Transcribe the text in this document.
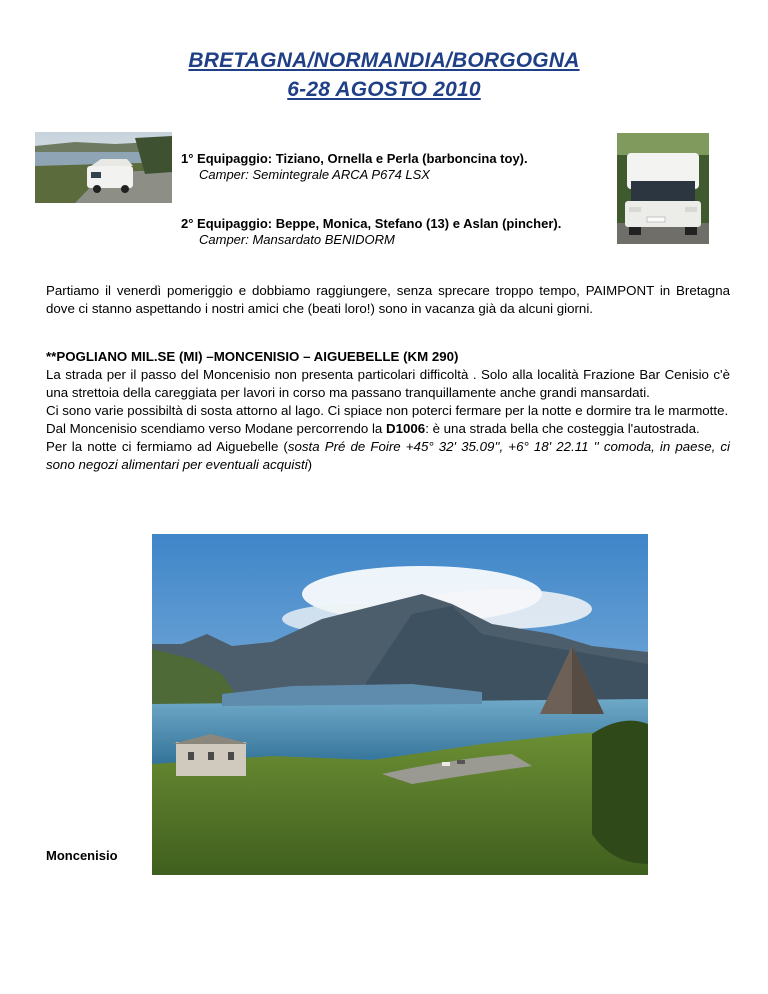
BRETAGNA/NORMANDIA/BORGOGNA
6-28 AGOSTO 2010
1° Equipaggio: Tiziano, Ornella e Perla (barboncina toy).
Camper: Semintegrale ARCA P674 LSX
2° Equipaggio: Beppe, Monica, Stefano (13) e Aslan (pincher).
Camper: Mansardato BENIDORM
Partiamo il venerdì pomeriggio e dobbiamo raggiungere, senza sprecare troppo tempo, PAIMPONT in Bretagna dove ci stanno aspettando i nostri amici che (beati loro!) sono in vacanza già da alcuni giorni.
**POGLIANO MIL.SE (MI) –MONCENISIO – AIGUEBELLE (KM 290)
La strada per il passo del Moncenisio non presenta particolari difficoltà . Solo alla località Frazione Bar Cenisio c'è una strettoia della careggiata per lavori in corso ma passano tranquillamente anche grandi mansardati.
Ci sono varie possibiltà di sosta attorno al lago. Ci spiace non poterci fermare per la notte e dormire tra le marmotte.
Dal Moncenisio scendiamo verso Modane percorrendo la D1006: è una strada bella che costeggia l'autostrada.
Per la notte ci fermiamo ad Aiguebelle (sosta Pré de Foire +45° 32' 35.09'', +6° 18' 22.11 '' comoda, in paese, ci sono negozi alimentari per eventuali acquisti)
Moncenisio
